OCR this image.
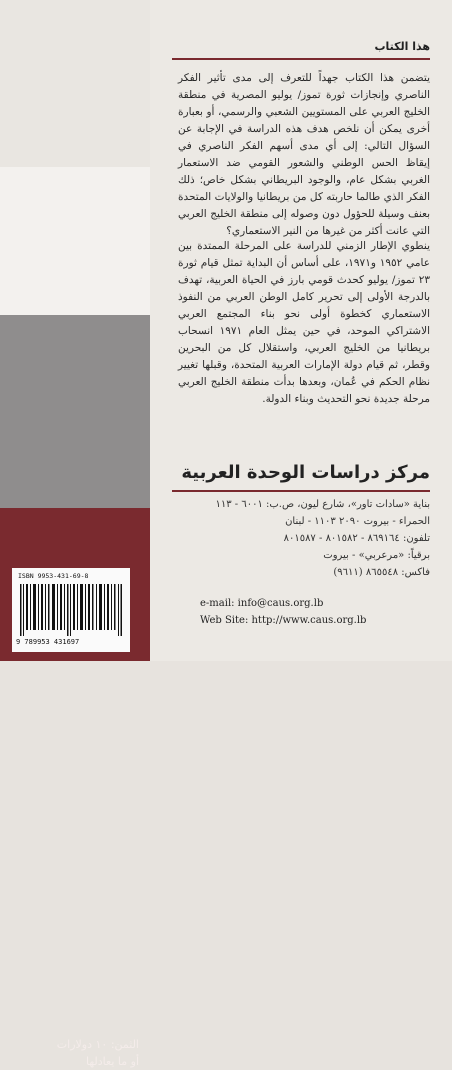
الثمن: ١٠ دولارات
أو ما يعادلها
ISBN 9953-431-69-8
9 789953 431697
هذا الكتاب
يتضمن هذا الكتاب جهداً للتعرف إلى مدى تأثير الفكر الناصري وإنجازات ثورة تموز/ يوليو المصرية في منطقة الخليج العربي على المستويين الشعبي والرسمي، أو بعبارة أخرى يمكن أن نلخص هدف هذه الدراسة في الإجابة عن السؤال التالي: إلى أي مدى أسهم الفكر الناصري في إيقاظ الحس الوطني والشعور القومي ضد الاستعمار الغربي بشكل عام، والوجود البريطاني بشكل خاص؛ ذلك الفكر الذي طالما حاربته كل من بريطانيا والولايات المتحدة بعنف وسيلة للحؤول دون وصوله إلى منطقة الخليج العربي التي عانت أكثر من غيرها من النير الاستعماري؟
ينطوي الإطار الزمني للدراسة على المرحلة الممتدة بين عامي ١٩٥٢ و١٩٧١، على أساس أن البداية تمثل قيام ثورة ٢٣ تموز/ يوليو كحدث قومي بارز في الحياة العربية، تهدف بالدرجة الأولى إلى تحرير كامل الوطن العربي من النفوذ الاستعماري كخطوة أولى نحو بناء المجتمع العربي الاشتراكي الموحد، في حين يمثل العام ١٩٧١ انسحاب بريطانيا من الخليج العربي، واستقلال كل من البحرين وقطر، ثم قيام دولة الإمارات العربية المتحدة، وقبلها تغيير نظام الحكم في عُمان، وبعدها بدأت منطقة الخليج العربي مرحلة جديدة نحو التحديث وبناء الدولة.
مركز دراسات الوحدة العربية
بناية «سادات تاور»، شارع ليون، ص.ب: ٦٠٠١ - ١١٣
الحمراء - بيروت ٢٠٩٠ ١١٠٣ - لبنان
تلفون: ٨٦٩١٦٤ - ٨٠١٥٨٢ - ٨٠١٥٨٧
برقياً: «مرعربي» - بيروت
فاكس: ٨٦٥٥٤٨ (٩٦١١)
e-mail: info@caus.org.lb
Web Site: http://www.caus.org.lb
